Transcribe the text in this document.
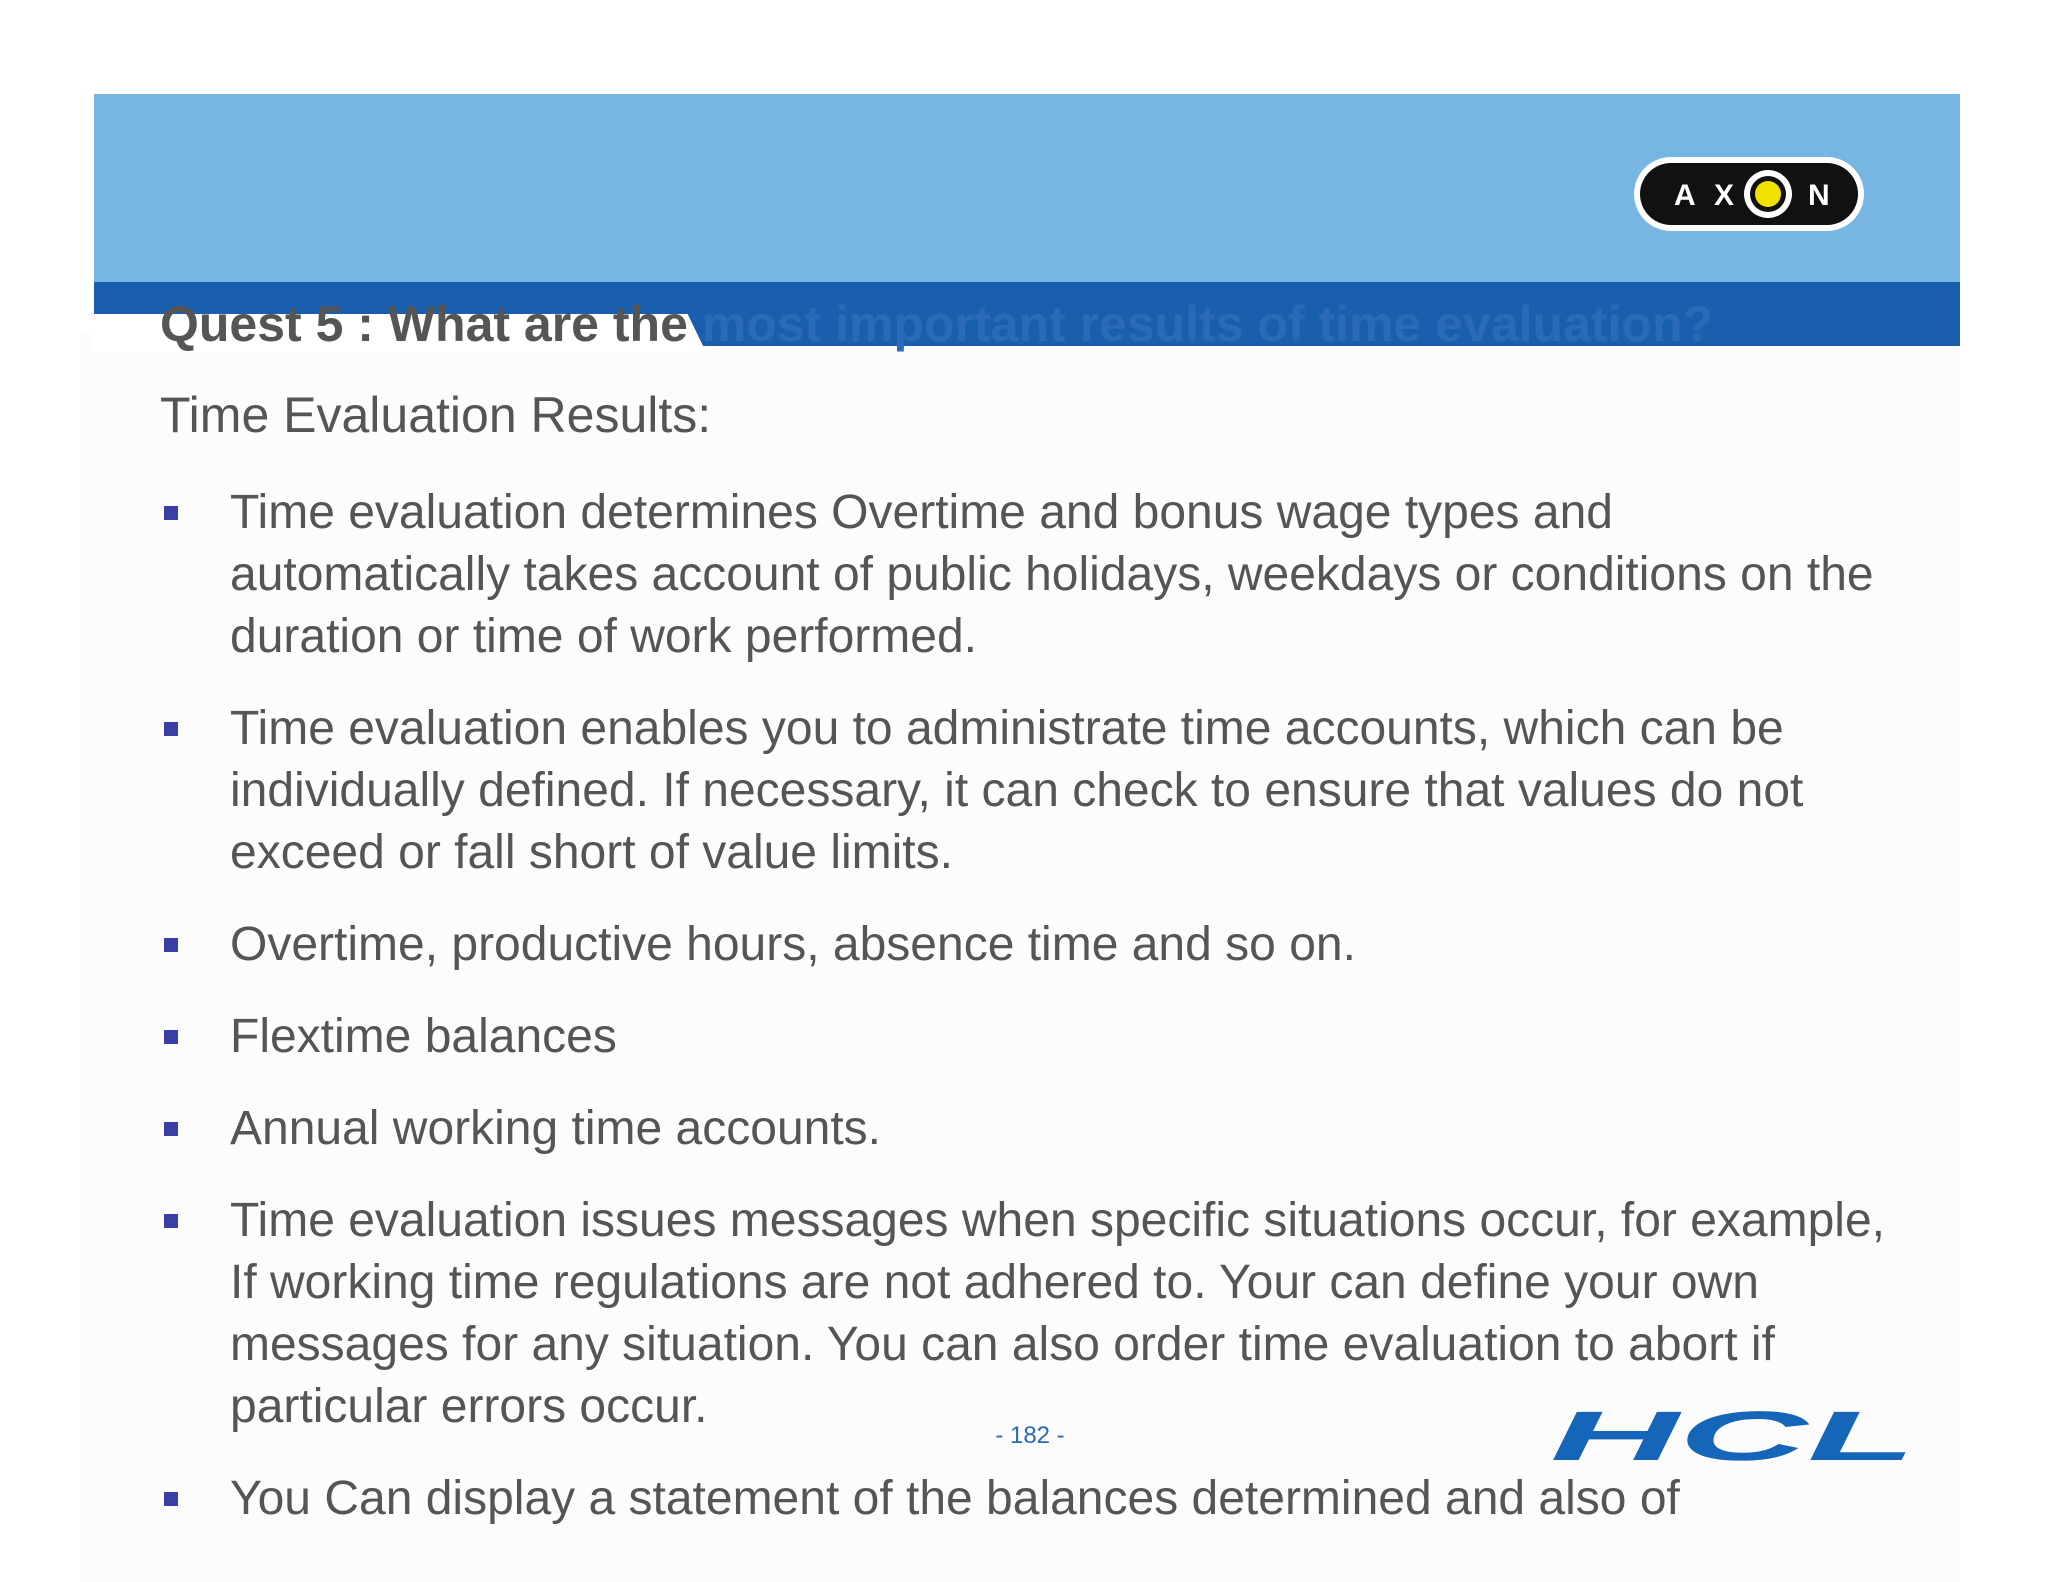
A X N
Quest 5 : What are the most important results of time evaluation?
Time Evaluation Results:
Time evaluation determines Overtime and bonus wage types and automatically takes account of public holidays, weekdays or conditions on the duration or time of work performed.
Time evaluation enables you to administrate time accounts, which can be individually defined. If necessary, it can check to ensure that values do not exceed or fall short of value limits.
Overtime, productive hours, absence time and so on.
Flextime balances
Annual working time accounts.
Time evaluation issues messages when specific situations occur, for example, If working time regulations are not adhered to. Your can define your own messages for any situation. You can also order time evaluation to abort if particular errors occur.
You Can display a statement of the balances determined and also of
- 182 -	HCL
